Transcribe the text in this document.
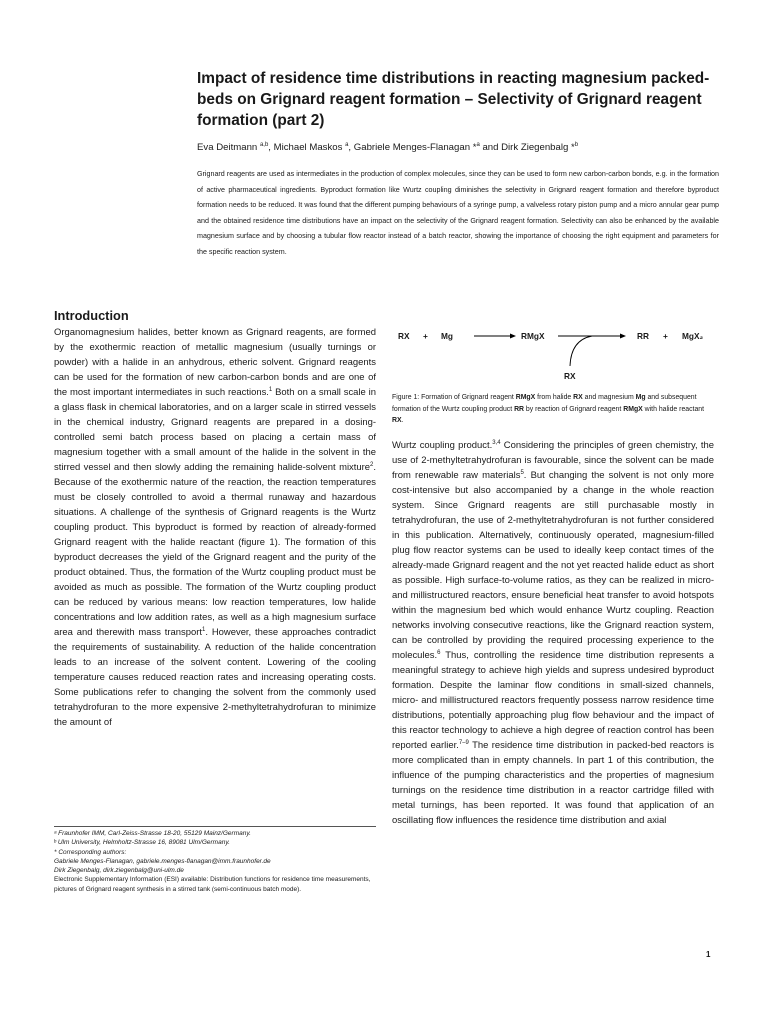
Impact of residence time distributions in reacting magnesium packed-beds on Grignard reagent formation – Selectivity of Grignard reagent formation (part 2)
Eva Deitmann $^{a,b}$, Michael Maskos $^a$, Gabriele Menges-Flanagan *$^a$ and Dirk Ziegenbalg *$^b$

Grignard reagents are used as intermediates in the production of complex molecules, since they can be used to form new carbon-carbon bonds, e.g. in the formation of active pharmaceutical ingredients. Byproduct formation like Wurtz coupling diminishes the selectivity in Grignard reagent formation and therefore byproduct formation needs to be reduced. It was found that the different pumping behaviours of a syringe pump, a valveless rotary piston pump and a micro annular gear pump and the obtained residence time distributions have an impact on the selectivity of the Grignard reagent formation. Selectivity can also be enhanced by the available magnesium surface and by choosing a tubular flow reactor instead of a batch reactor, showing the importance of choosing the right equipment and parameters for the specific reaction system.

Introduction

Organomagnesium halides, better known as Grignard reagents, are formed by the exothermic reaction of metallic magnesium (usually turnings or powder) with a halide in an anhydrous, etheric solvent. Grignard reagents can be used for the formation of new carbon-carbon bonds and are one of the most important intermediates in such reactions.$^1$ Both on a small scale in a glass flask in chemical laboratories, and on a larger scale in stirred vessels in the chemical industry, Grignard reagents are prepared in a dosing-controlled semi batch process based on placing a certain mass of magnesium together with a small amount of the halide in the solvent in the stirred vessel and then slowly adding the remaining halide-solvent mixture$^2$. Because of the exothermic nature of the reaction, the reaction temperatures must be closely controlled to avoid a thermal runaway and hazardous situations. A challenge of the synthesis of Grignard reagents is the Wurtz coupling product. This byproduct is formed by reaction of already-formed Grignard reagent with the halide reactant (figure 1). The formation of this byproduct decreases the yield of the Grignard reagent and the purity of the product obtained. Thus, the formation of the Wurtz coupling product must be avoided as much as possible. The formation of the Wurtz coupling product can be reduced by various means: low reaction temperatures, low halide concentrations and low addition rates, as well as a high magnesium surface area and therewith mass transport$^1$. However, these approaches contradict the requirements of sustainability. A reduction of the halide concentration leads to an increase of the solvent content. Lowering of the cooling temperature causes reduced reaction rates and increasing operating costs. Some publications refer to changing the solvent from the commonly used tetrahydrofuran to the more expensive 2-methyltetrahydrofuran to minimize the amount of

RX + Mg	RMgX	RR + MgX₂
RX
Figure 1: Formation of Grignard reagent RMgX from halide RX and magnesium Mg and subsequent formation of the Wurtz coupling product RR by reaction of Grignard reagent RMgX with halide reactant RX.

Wurtz coupling product.$^{3,4}$ Considering the principles of green chemistry, the use of 2-methyltetrahydrofuran is favourable, since the solvent can be made from renewable raw materials$^5$. But changing the solvent is not only more cost-intensive but also accompanied by a change in the whole reaction system. Since Grignard reagents are still purchasable mostly in tetrahydrofuran, the use of 2-methyltetrahydrofuran is not further considered in this publication. Alternatively, continuously operated, magnesium-filled plug flow reactor systems can be used to ideally keep contact times of the already-made Grignard reagent and the not yet reacted halide educt as short as possible. High surface-to-volume ratios, as they can be realized in micro- and millistructured reactors, ensure beneficial heat transfer to avoid hotspots within the magnesium bed which would enhance Wurtz coupling. Reaction networks involving consecutive reactions, like the Grignard reaction system, can be controlled by providing the required processing experience to the molecules.$^6$ Thus, controlling the residence time distribution represents a meaningful strategy to achieve high yields and supress undesired byproduct formation. Despite the laminar flow conditions in small-sized channels, micro- and millistructured reactors frequently possess narrow residence time distributions, potentially approaching plug flow behaviour and the impact of this reactor technology to achieve a high degree of reaction control has been reported earlier.$^{7-9}$ The residence time distribution in packed-bed reactors is more complicated than in empty channels. In part 1 of this contribution, the influence of the pumping characteristics and the properties of magnesium turnings on the residence time distribution in a reactor cartridge filled with metal turnings, has been reported. It was found that application of an oscillating flow influences the residence time distribution and axial

ᵃ Fraunhofer IMM, Carl-Zeiss-Strasse 18-20, 55129 Mainz/Germany.
ᵇ Ulm University, Helmholtz-Strasse 16, 89081 Ulm/Germany.
* Corresponding authors:
Gabriele Menges-Flanagan, gabriele.menges-flanagan@imm.fraunhofer.de
Dirk Ziegenbalg, dirk.ziegenbalg@uni-ulm.de
Electronic Supplementary Information (ESI) available: Distribution functions for residence time measurements, pictures of Grignard reagent synthesis in a stirred tank (semi-continuous batch mode).
1
